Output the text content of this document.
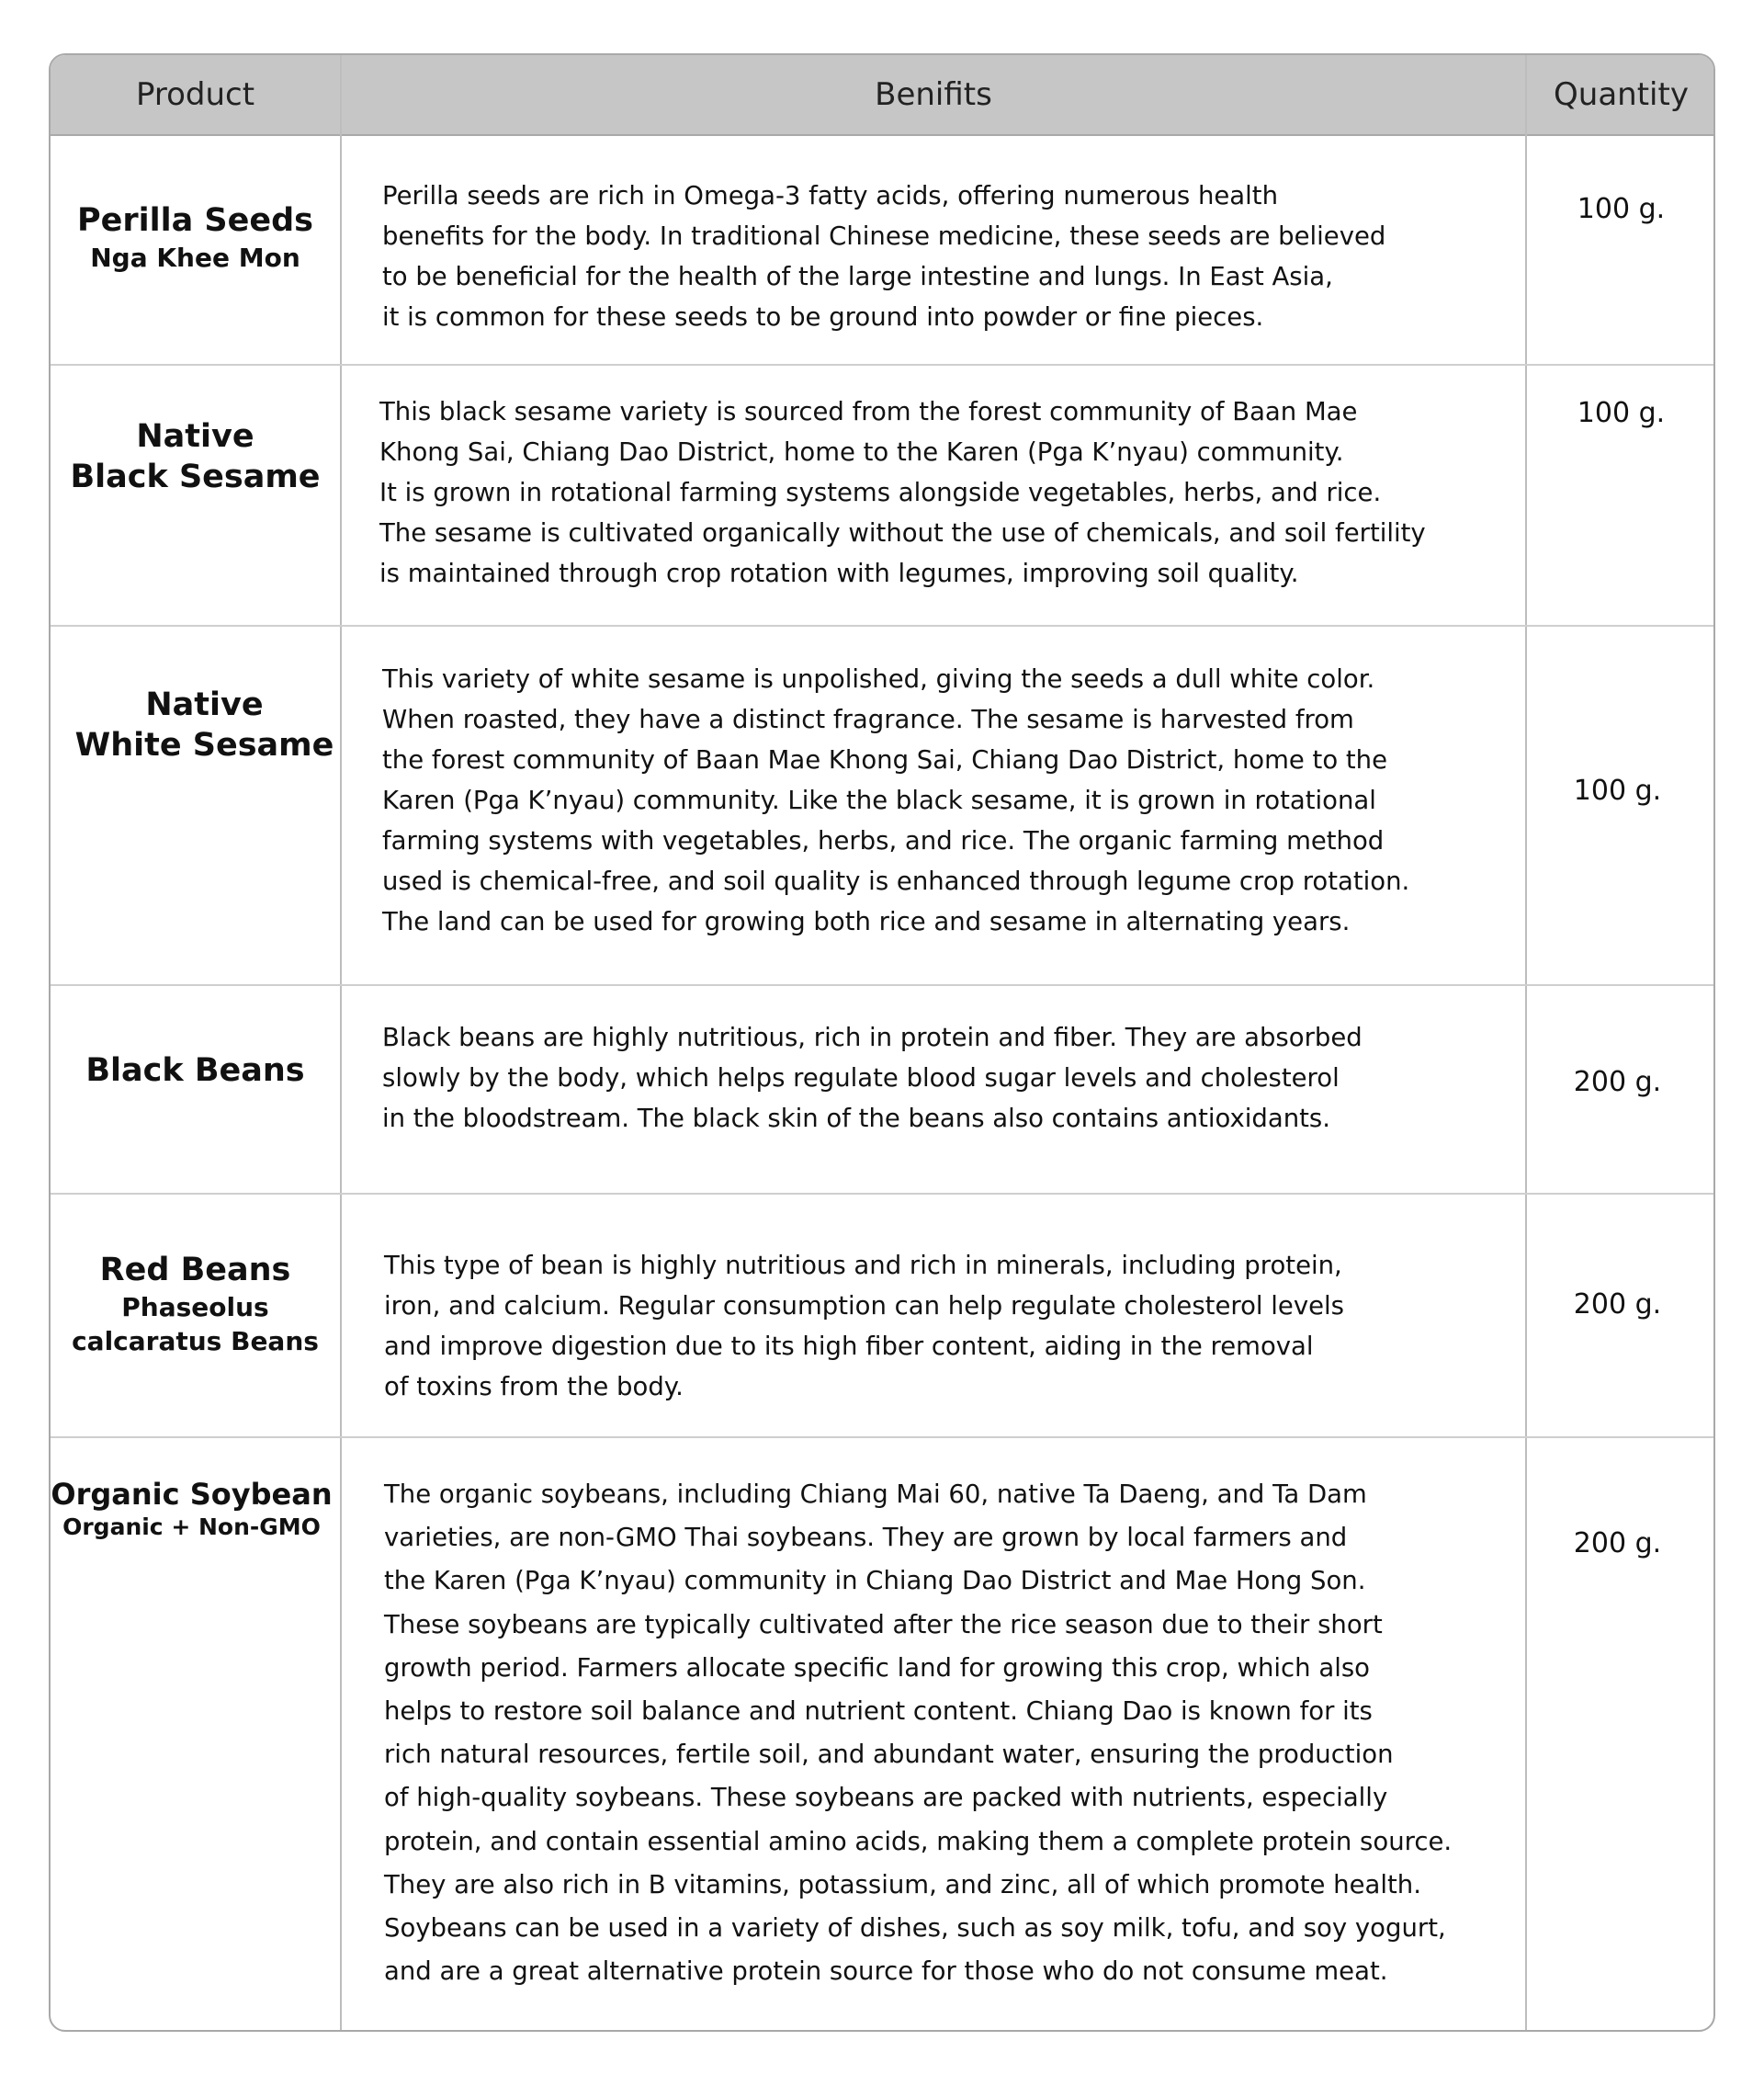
Product	Benifits	Quantity
Perilla Seeds
Nga Khee Mon
Perilla seeds are rich in Omega-3 fatty acids, offering numerous health
benefits for the body. In traditional Chinese medicine, these seeds are believed
to be beneficial for the health of the large intestine and lungs. In East Asia,
it is common for these seeds to be ground into powder or fine pieces.
100 g.
Native
Black Sesame
This black sesame variety is sourced from the forest community of Baan Mae
Khong Sai, Chiang Dao District, home to the Karen (Pga K’nyau) community.
It is grown in rotational farming systems alongside vegetables, herbs, and rice.
The sesame is cultivated organically without the use of chemicals, and soil fertility
is maintained through crop rotation with legumes, improving soil quality.
100 g.
Native
White Sesame
This variety of white sesame is unpolished, giving the seeds a dull white color.
When roasted, they have a distinct fragrance. The sesame is harvested from
the forest community of Baan Mae Khong Sai, Chiang Dao District, home to the
Karen (Pga K’nyau) community. Like the black sesame, it is grown in rotational
farming systems with vegetables, herbs, and rice. The organic farming method
used is chemical-free, and soil quality is enhanced through legume crop rotation.
The land can be used for growing both rice and sesame in alternating years.
100 g.
Black Beans
Black beans are highly nutritious, rich in protein and fiber. They are absorbed
slowly by the body, which helps regulate blood sugar levels and cholesterol
in the bloodstream. The black skin of the beans also contains antioxidants.
200 g.
Red Beans
Phaseolus
calcaratus Beans
This type of bean is highly nutritious and rich in minerals, including protein,
iron, and calcium. Regular consumption can help regulate cholesterol levels
and improve digestion due to its high fiber content, aiding in the removal
of toxins from the body.
200 g.
Organic Soybean
Organic + Non-GMO
The organic soybeans, including Chiang Mai 60, native Ta Daeng, and Ta Dam
varieties, are non-GMO Thai soybeans. They are grown by local farmers and
the Karen (Pga K’nyau) community in Chiang Dao District and Mae Hong Son.
These soybeans are typically cultivated after the rice season due to their short
growth period. Farmers allocate specific land for growing this crop, which also
helps to restore soil balance and nutrient content. Chiang Dao is known for its
rich natural resources, fertile soil, and abundant water, ensuring the production
of high-quality soybeans. These soybeans are packed with nutrients, especially
protein, and contain essential amino acids, making them a complete protein source.
They are also rich in B vitamins, potassium, and zinc, all of which promote health.
Soybeans can be used in a variety of dishes, such as soy milk, tofu, and soy yogurt,
and are a great alternative protein source for those who do not consume meat.
200 g.
